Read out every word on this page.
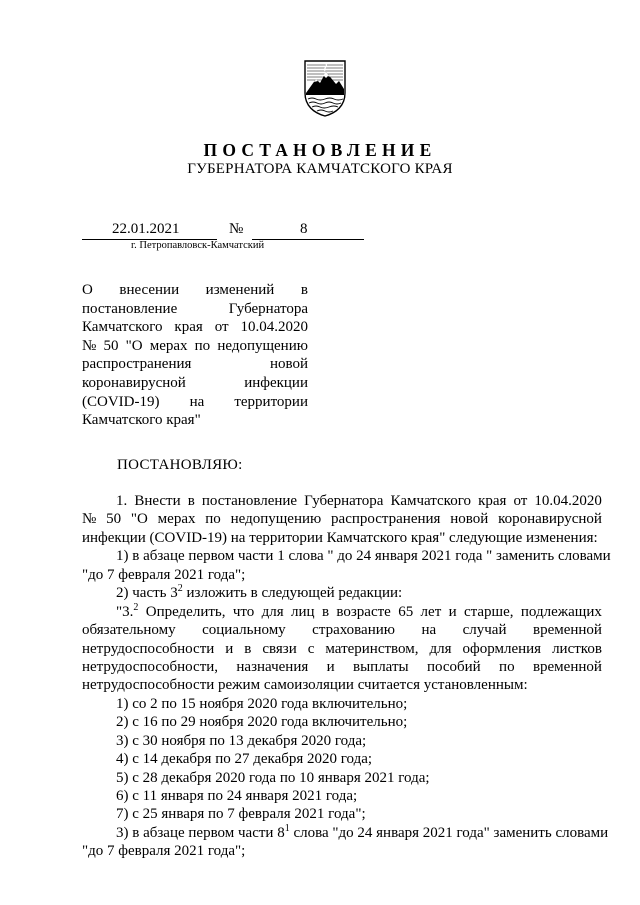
ПОСТАНОВЛЕНИЕ
ГУБЕРНАТОРА КАМЧАТСКОГО КРАЯ
22.01.2021	№	8
г. Петропавловск-Камчатский
О внесении изменений в
постановление	Губернатора
Камчатского края от 10.04.2020
№ 50 "О мерах по недопущению
распространения	новой
коронавирусной	инфекции
(COVID-19) на территории
Камчатского края"
ПОСТАНОВЛЯЮ:
1. Внести в постановление Губернатора Камчатского края от 10.04.2020
№ 50 "О мерах по недопущению распространения новой коронавирусной
инфекции (COVID-19) на территории Камчатского края" следующие изменения:
1) в абзаце первом части 1 слова " до 24 января 2021 года " заменить словами
"до 7 февраля 2021 года";
2) часть $3^2$ изложить в следующей редакции:
"3.$^2$ Определить, что для лиц в возрасте 65 лет и старше, подлежащих
обязательному социальному страхованию на случай временной
нетрудоспособности и в связи с материнством, для оформления листков
нетрудоспособности, назначения и выплаты пособий по временной
нетрудоспособности режим самоизоляции считается установленным:
1) со 2 по 15 ноября 2020 года включительно;
2) с 16 по 29 ноября 2020 года включительно;
3) с 30 ноября по 13 декабря 2020 года;
4) с 14 декабря по 27 декабря 2020 года;
5) с 28 декабря 2020 года по 10 января 2021 года;
6) с 11 января по 24 января 2021 года;
7) с 25 января по 7 февраля 2021 года";
3) в абзаце первом части $8^1$ слова "до 24 января 2021 года" заменить словами
"до 7 февраля 2021 года";
